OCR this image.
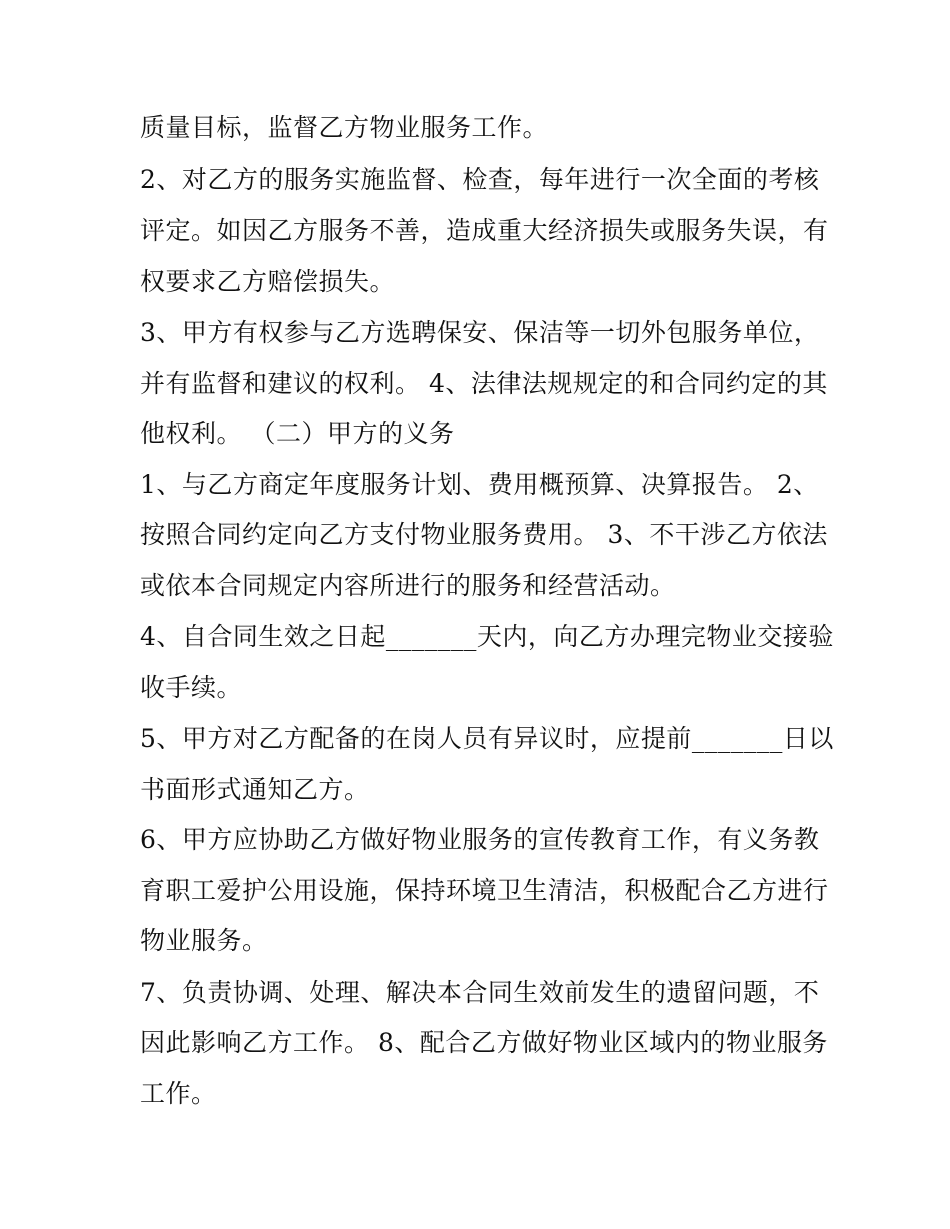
质量目标，监督乙方物业服务工作。
2、对乙方的服务实施监督、检查，每年进行一次全面的考核
评定。如因乙方服务不善，造成重大经济损失或服务失误，有
权要求乙方赔偿损失。
3、甲方有权参与乙方选聘保安、保洁等一切外包服务单位，
并有监督和建议的权利。 4、法律法规规定的和合同约定的其
他权利。 （二）甲方的义务
1、与乙方商定年度服务计划、费用概预算、决算报告。 2、
按照合同约定向乙方支付物业服务费用。 3、不干涉乙方依法
或依本合同规定内容所进行的服务和经营活动。
4、自合同生效之日起_______天内，向乙方办理完物业交接验
收手续。
5、甲方对乙方配备的在岗人员有异议时，应提前_______日以
书面形式通知乙方。
6、甲方应协助乙方做好物业服务的宣传教育工作，有义务教
育职工爱护公用设施，保持环境卫生清洁，积极配合乙方进行
物业服务。
7、负责协调、处理、解决本合同生效前发生的遗留问题，不
因此影响乙方工作。 8、配合乙方做好物业区域内的物业服务
工作。
